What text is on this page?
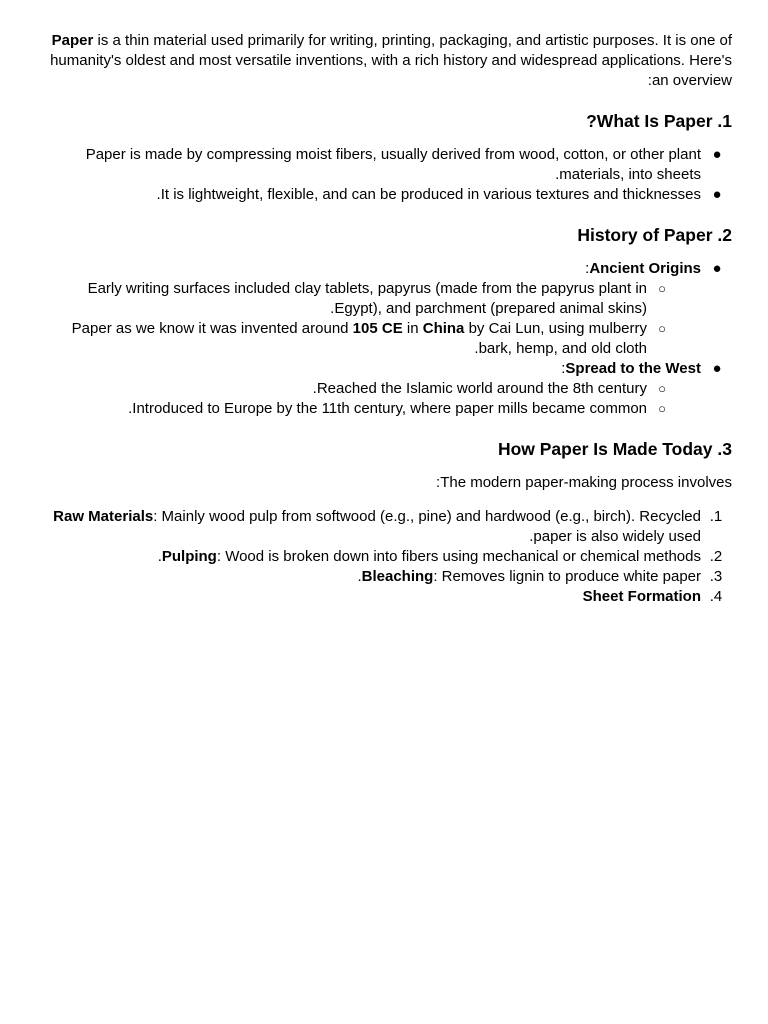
Paper is a thin material used primarily for writing, printing, packaging, and artistic purposes. It is one of humanity's oldest and most versatile inventions, with a rich history and widespread applications. Here's an overview:

1. What Is Paper?
●
Paper is made by compressing moist fibers, usually derived from wood, cotton, or other plant materials, into sheets.
●
It is lightweight, flexible, and can be produced in various textures and thicknesses.
2. History of Paper
●
Ancient Origins:
○
Early writing surfaces included clay tablets, papyrus (made from the papyrus plant in Egypt), and parchment (prepared animal skins).
○
Paper as we know it was invented around 105 CE in China by Cai Lun, using mulberry bark, hemp, and old cloth.
●
Spread to the West:
○
Reached the Islamic world around the 8th century.
○
Introduced to Europe by the 11th century, where paper mills became common.
3. How Paper Is Made Today

The modern paper-making process involves:

1.
Raw Materials: Mainly wood pulp from softwood (e.g., pine) and hardwood (e.g., birch). Recycled paper is also widely used.
2.
Pulping: Wood is broken down into fibers using mechanical or chemical methods.
3.
Bleaching: Removes lignin to produce white paper.
4.
Sheet Formation
